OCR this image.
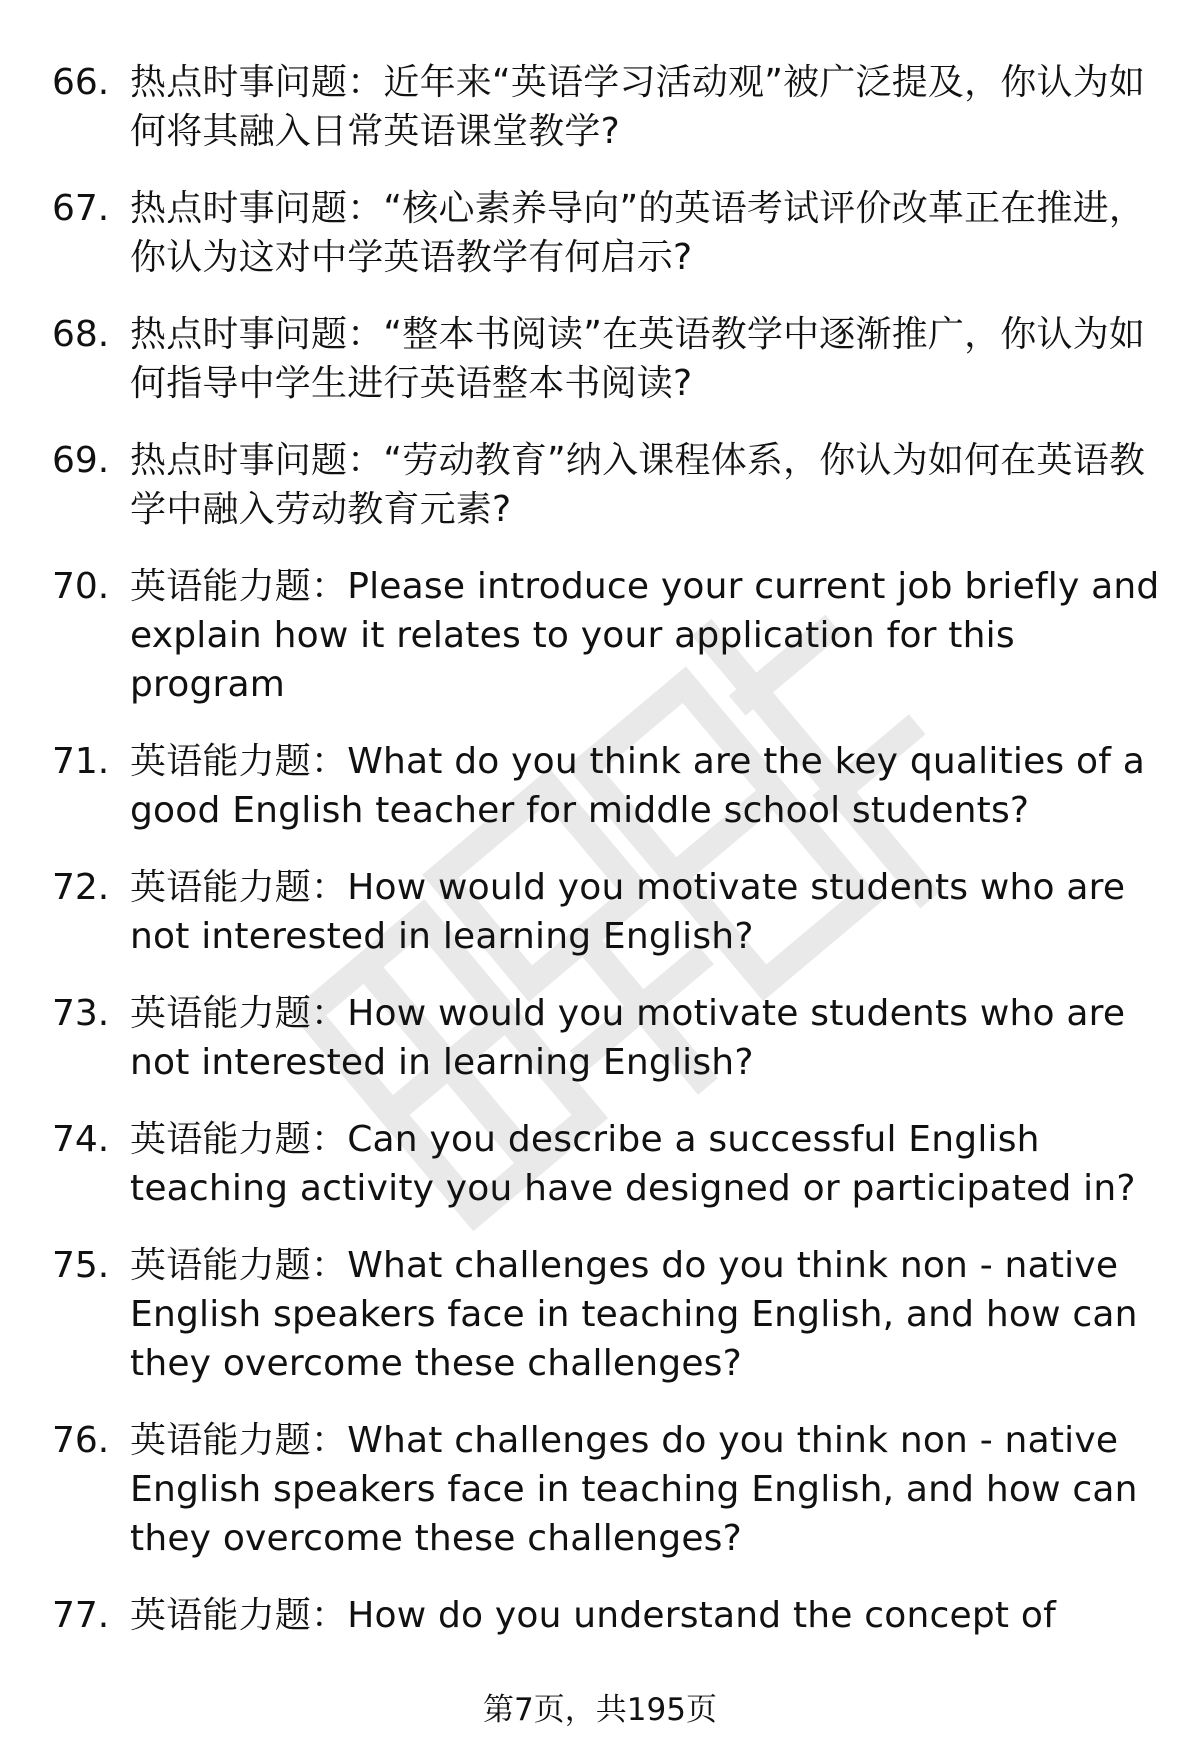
66. 热点时事问题：近年来“英语学习活动观”被广泛提及，你认为如何将其融入日常英语课堂教学?
67. 热点时事问题：“核心素养导向”的英语考试评价改革正在推进，你认为这对中学英语教学有何启示?
68. 热点时事问题：“整本书阅读”在英语教学中逐渐推广，你认为如何指导中学生进行英语整本书阅读?
69. 热点时事问题：“劳动教育”纳入课程体系，你认为如何在英语教学中融入劳动教育元素?
70. 英语能力题：Please introduce your current job briefly and explain how it relates to your application for this program
71. 英语能力题：What do you think are the key qualities of a good English teacher for middle school students?
72. 英语能力题：How would you motivate students who are not interested in learning English?
73. 英语能力题：How would you motivate students who are not interested in learning English?
74. 英语能力题：Can you describe a successful English teaching activity you have designed or participated in?
75. 英语能力题：What challenges do you think non - native English speakers face in teaching English, and how can they overcome these challenges?
76. 英语能力题：What challenges do you think non - native English speakers face in teaching English, and how can they overcome these challenges?
77. 英语能力题：How do you understand the concept of
第7页，共195页
